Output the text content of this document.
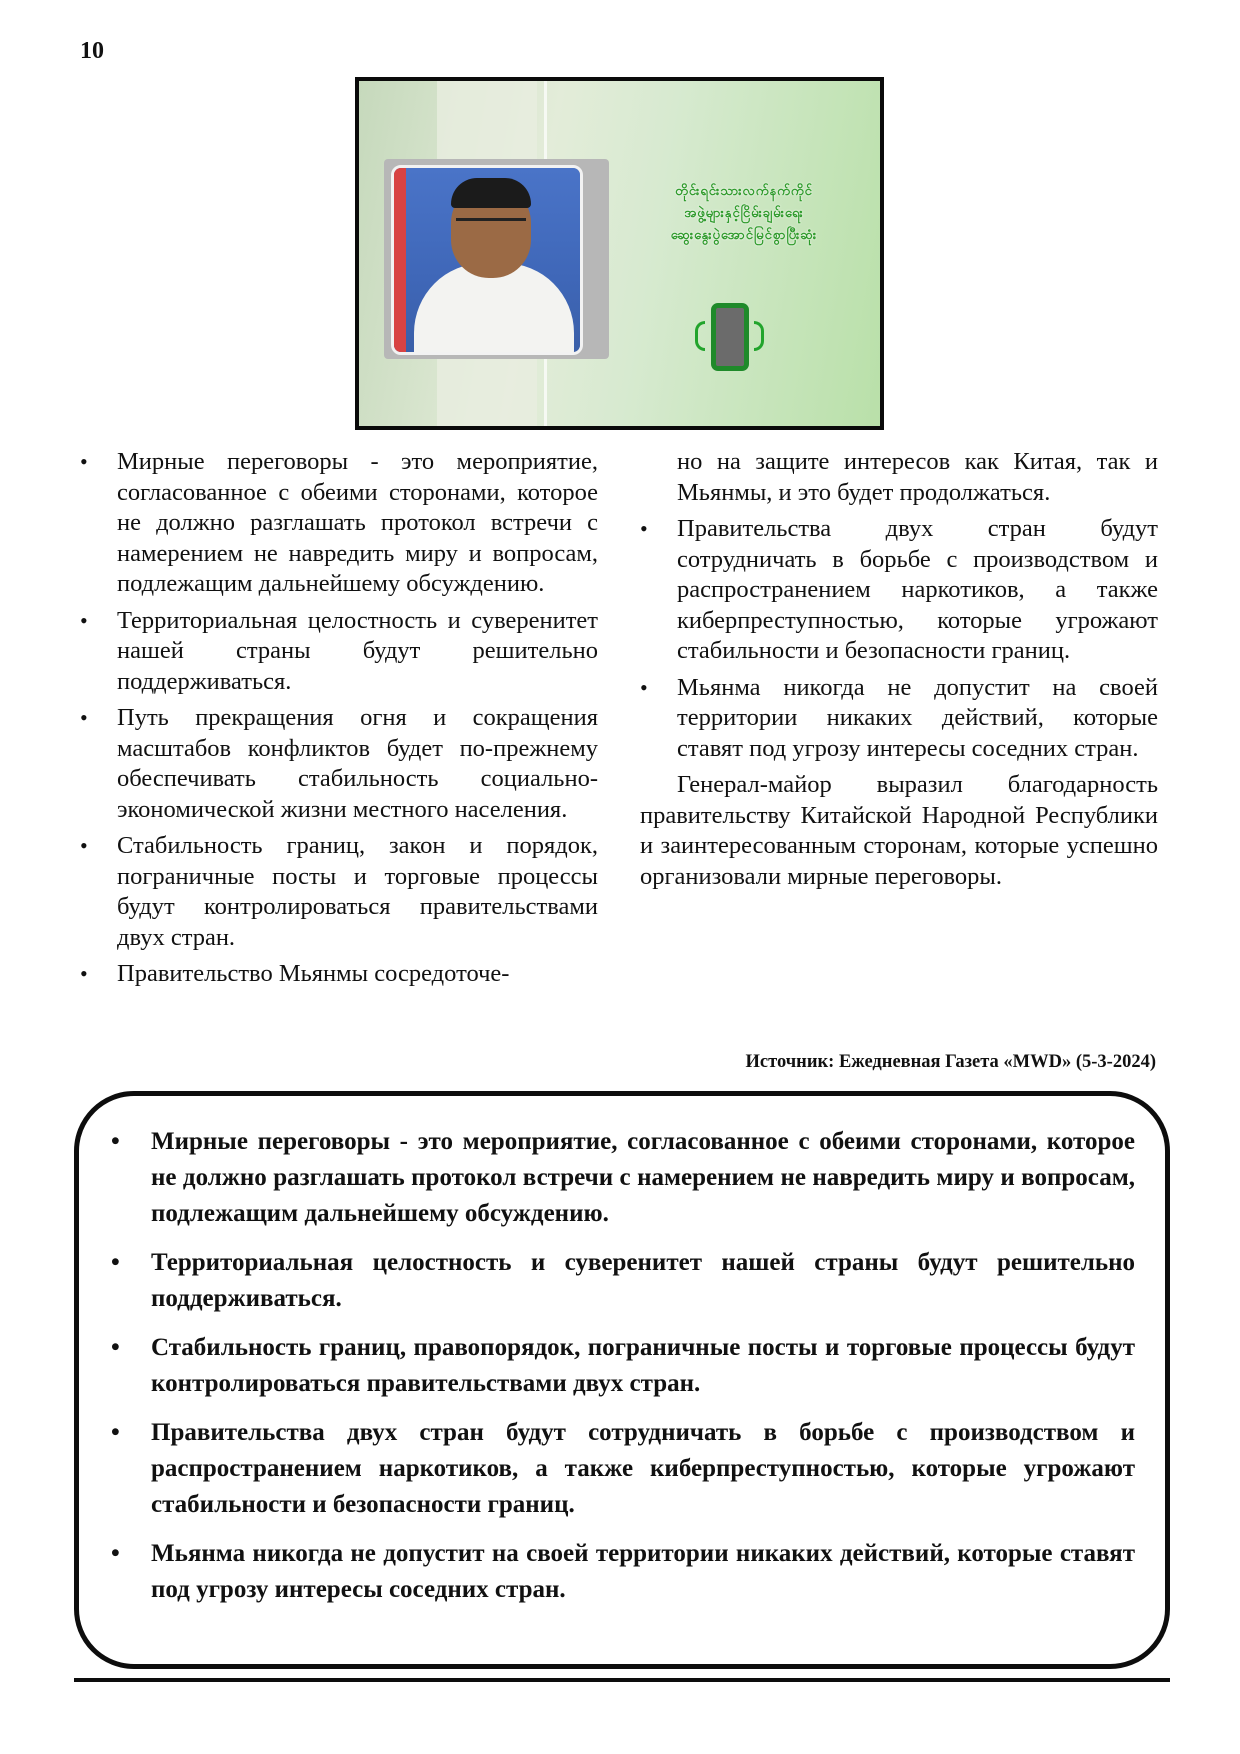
10
တိုင်းရင်းသားလက်နက်ကိုင်
အဖွဲ့များနှင့်ငြိမ်းချမ်းရေး
ဆွေးနွေးပွဲအောင်မြင်စွာပြီးဆုံး
• Мирные переговоры - это мероприятие, согласованное с обеими сторонами, которое не должно разглашать протокол встречи с намерением не навредить миру и вопросам, подлежащим дальнейшему обсуждению.
• Территориальная целостность и суверенитет нашей страны будут решительно поддерживаться.
• Путь прекращения огня и сокращения масштабов конфликтов будет по-прежнему обеспечивать стабильность социально-экономической жизни местного населения.
• Стабильность границ, закон и порядок, пограничные посты и торговые процессы будут контролироваться правительствами двух стран.
• Правительство Мьянмы сосредоточе-

но на защите интересов как Китая, так и Мьянмы, и это будет продолжаться.

• Правительства двух стран будут сотрудничать в борьбе с производством и распространением наркотиков, а также киберпреступностью, которые угрожают стабильности и безопасности границ.
• Мьянма никогда не допустит на своей территории никаких действий, которые ставят под угрозу интересы соседних стран.

Генерал-майор выразил благодарность правительству Китайской Народной Республики и заинтересованным сторонам, которые успешно организовали мирные переговоры.

Источник: Ежедневная Газета «MWD» (5-3-2024)
• Мирные переговоры - это мероприятие, согласованное с обеими сторонами, которое не должно разглашать протокол встречи с намерением не навредить миру и вопросам, подлежащим дальнейшему обсуждению.
• Территориальная целостность и суверенитет нашей страны будут решительно поддерживаться.
• Стабильность границ, правопорядок, пограничные посты и торговые процессы будут контролироваться правительствами двух стран.
• Правительства двух стран будут сотрудничать в борьбе с производством и распространением наркотиков, а также киберпреступностью, которые угрожают стабильности и безопасности границ.
• Мьянма никогда не допустит на своей территории никаких действий, которые ставят под угрозу интересы соседних стран.
